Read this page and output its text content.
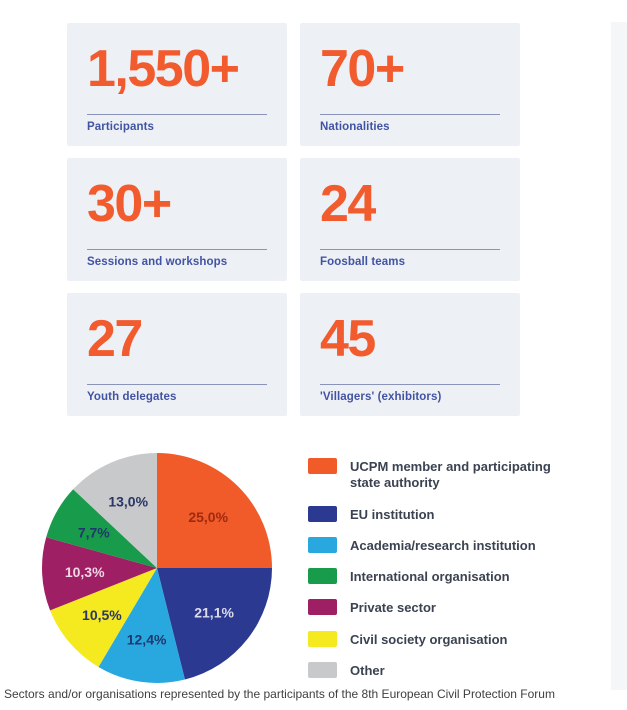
1,550+
Participants
70+
Nationalities
30+
Sessions and workshops
24
Foosball teams
27
Youth delegates
45
'Villagers' (exhibitors)
25,0%
21,1%
12,4%
10,5%
10,3%
7,7%
13,0%
UCPM member and participating state authority
EU institution
Academia/research institution
International organisation
Private sector
Civil society organisation
Other
Sectors and/or organisations represented by the participants of the 8th European Civil Protection Forum
